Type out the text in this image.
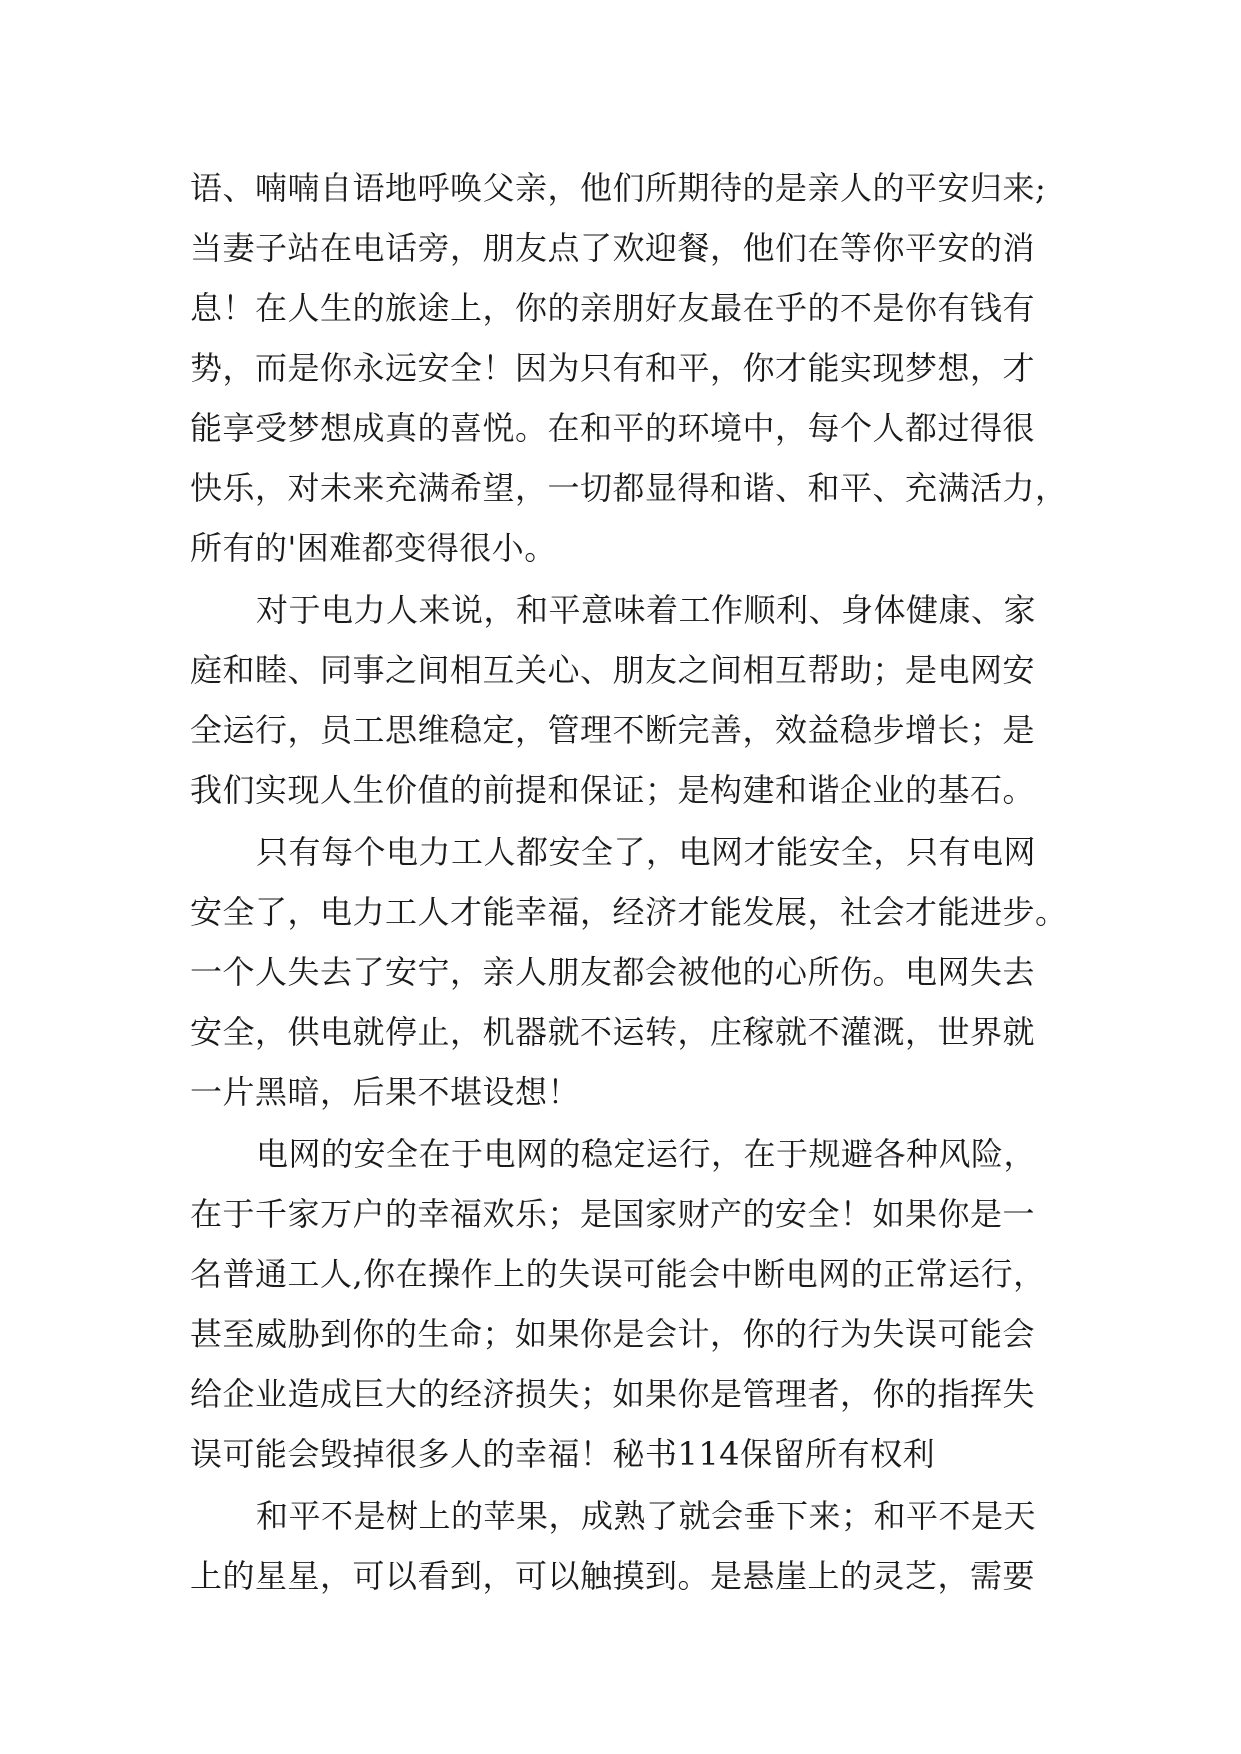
语、喃喃自语地呼唤父亲，他们所期待的是亲人的平安归来;
当妻子站在电话旁，朋友点了欢迎餐，他们在等你平安的消
息！在人生的旅途上，你的亲朋好友最在乎的不是你有钱有
势，而是你永远安全！因为只有和平，你才能实现梦想，才
能享受梦想成真的喜悦。在和平的环境中，每个人都过得很
快乐，对未来充满希望，一切都显得和谐、和平、充满活力，
所有的'困难都变得很小。
对于电力人来说，和平意味着工作顺利、身体健康、家
庭和睦、同事之间相互关心、朋友之间相互帮助；是电网安
全运行，员工思维稳定，管理不断完善，效益稳步增长；是
我们实现人生价值的前提和保证；是构建和谐企业的基石。
只有每个电力工人都安全了，电网才能安全，只有电网
安全了，电力工人才能幸福，经济才能发展，社会才能进步。
一个人失去了安宁，亲人朋友都会被他的心所伤。电网失去
安全，供电就停止，机器就不运转，庄稼就不灌溉，世界就
一片黑暗，后果不堪设想！
电网的安全在于电网的稳定运行，在于规避各种风险，
在于千家万户的幸福欢乐；是国家财产的安全！如果你是一
名普通工人,你在操作上的失误可能会中断电网的正常运行，
甚至威胁到你的生命；如果你是会计，你的行为失误可能会
给企业造成巨大的经济损失；如果你是管理者，你的指挥失
误可能会毁掉很多人的幸福！秘书114保留所有权利
和平不是树上的苹果，成熟了就会垂下来；和平不是天
上的星星，可以看到，可以触摸到。是悬崖上的灵芝，需要
